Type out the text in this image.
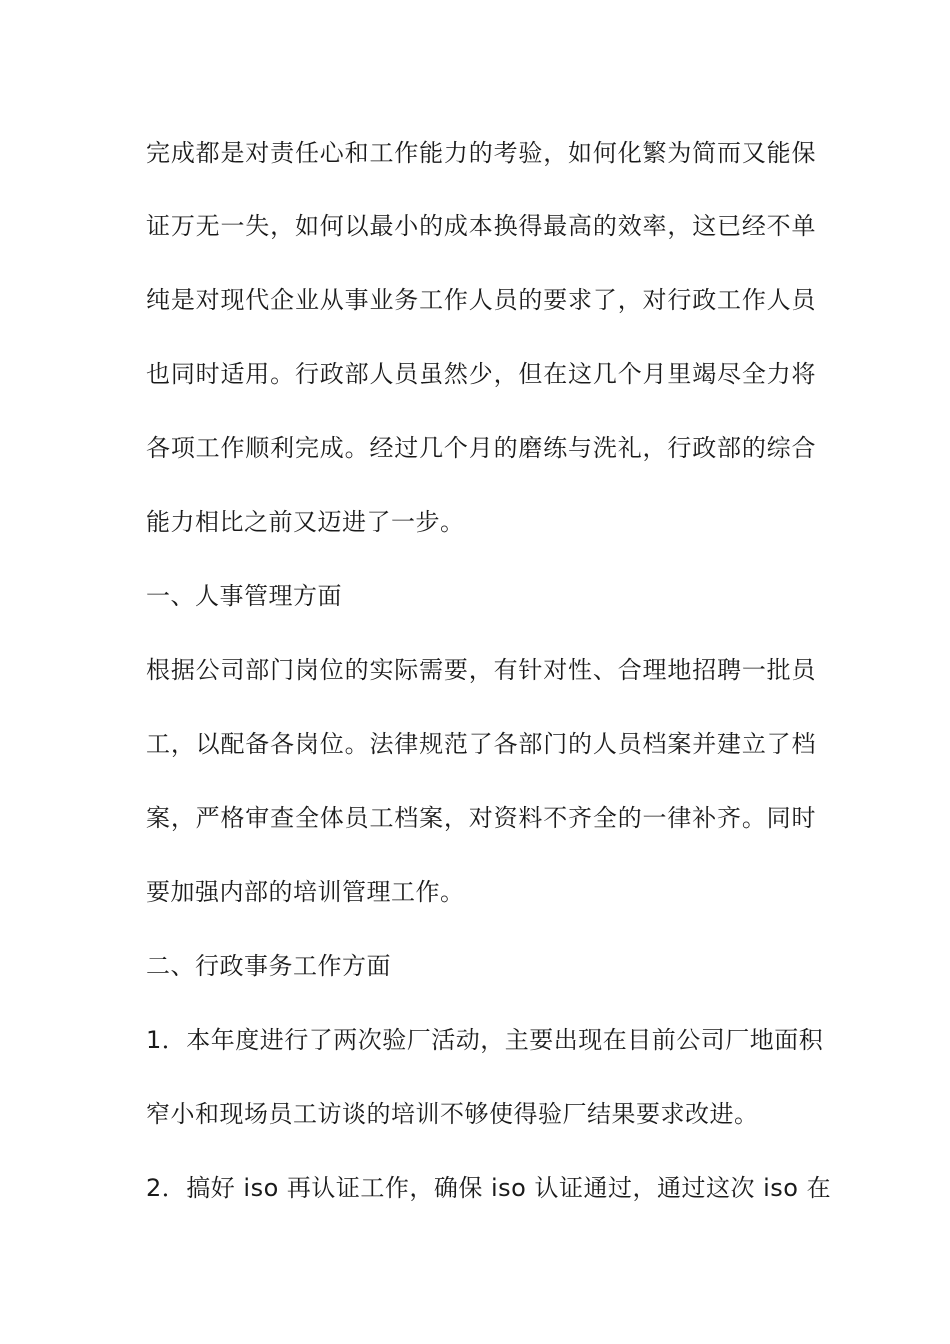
完成都是对责任心和工作能力的考验，如何化繁为简而又能保
证万无一失，如何以最小的成本换得最高的效率，这已经不单
纯是对现代企业从事业务工作人员的要求了，对行政工作人员
也同时适用。行政部人员虽然少，但在这几个月里竭尽全力将
各项工作顺利完成。经过几个月的磨练与洗礼，行政部的综合
能力相比之前又迈进了一步。
一、人事管理方面
根据公司部门岗位的实际需要，有针对性、合理地招聘一批员
工，以配备各岗位。法律规范了各部门的人员档案并建立了档
案，严格审查全体员工档案，对资料不齐全的一律补齐。同时
要加强内部的培训管理工作。
二、行政事务工作方面
1．本年度进行了两次验厂活动，主要出现在目前公司厂地面积
窄小和现场员工访谈的培训不够使得验厂结果要求改进。
2．搞好 iso 再认证工作，确保 iso 认证通过，通过这次 iso 在
